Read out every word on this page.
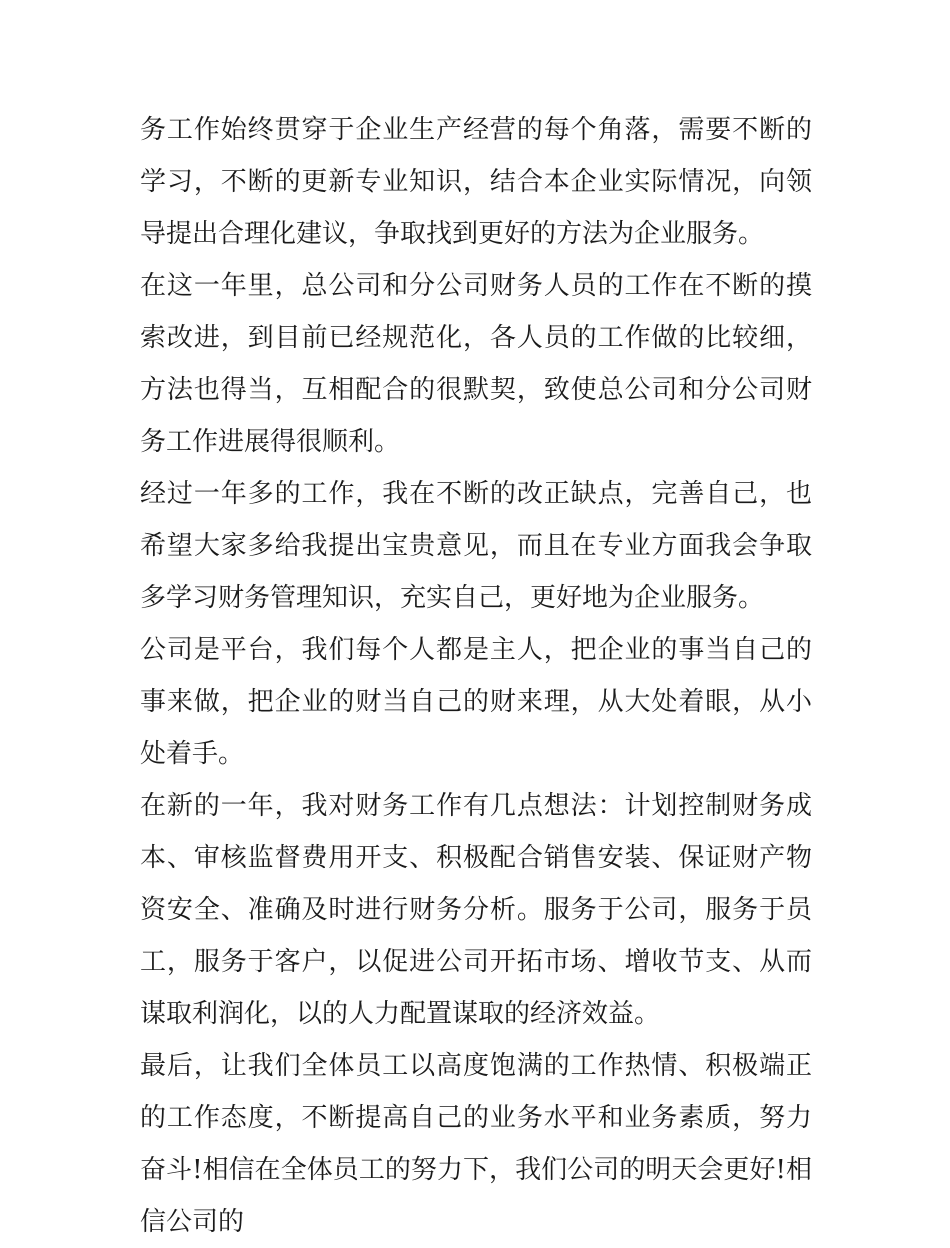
务工作始终贯穿于企业生产经营的每个角落，需要不断的学习，不断的更新专业知识，结合本企业实际情况，向领导提出合理化建议，争取找到更好的方法为企业服务。

在这一年里，总公司和分公司财务人员的工作在不断的摸索改进，到目前已经规范化，各人员的工作做的比较细，方法也得当，互相配合的很默契，致使总公司和分公司财务工作进展得很顺利。

经过一年多的工作，我在不断的改正缺点，完善自己，也希望大家多给我提出宝贵意见，而且在专业方面我会争取多学习财务管理知识，充实自己，更好地为企业服务。

公司是平台，我们每个人都是主人，把企业的事当自己的事来做，把企业的财当自己的财来理，从大处着眼，从小处着手。

在新的一年，我对财务工作有几点想法：计划控制财务成本、审核监督费用开支、积极配合销售安装、保证财产物资安全、准确及时进行财务分析。服务于公司，服务于员工，服务于客户，以促进公司开拓市场、增收节支、从而谋取利润化，以的人力配置谋取的经济效益。

最后，让我们全体员工以高度饱满的工作热情、积极端正的工作态度，不断提高自己的业务水平和业务素质，努力奋斗!相信在全体员工的努力下，我们公司的明天会更好!相信公司的
